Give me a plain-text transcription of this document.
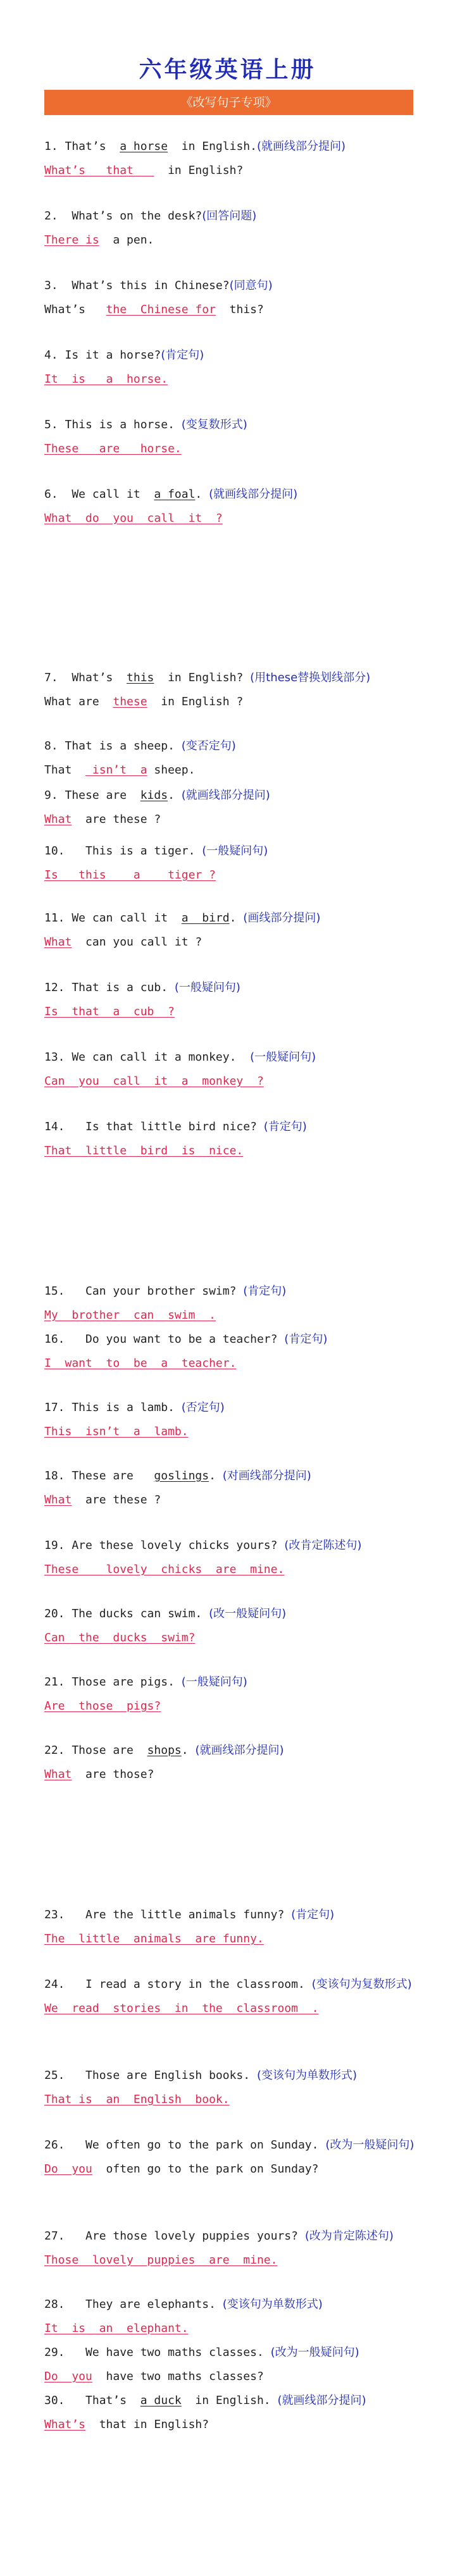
六年级英语上册
《改写句子专项》
1. That’s  a horse  in English.(就画线部分提问)
What’s   that     in English?
2.  What’s on the desk?(回答问题)
There is  a pen.
3.  What’s this in Chinese?(同意句)
What’s   the  Chinese for  this?
4. Is it a horse?(肯定句)
It  is   a  horse.
5. This is a horse. (变复数形式)
These   are   horse.
6.  We call it  a foal. (就画线部分提问)
What  do  you  call  it  ?
7.  What’s  this  in English? (用these替换划线部分)
What are  these  in English ?
8. That is a sheep. (变否定句)
That   isn’t  a sheep.
9. These are  kids. (就画线部分提问)
What  are these ?
10.   This is a tiger. (一般疑问句)
Is   this    a    tiger ?
11. We can call it  a  bird. (画线部分提问)
What  can you call it ?
12. That is a cub. (一般疑问句)
Is  that  a  cub  ?
13. We can call it a monkey.  (一般疑问句)
Can  you  call  it  a  monkey  ?
14.   Is that little bird nice? (肯定句)
That  little  bird  is  nice.
15.   Can your brother swim? (肯定句)
My  brother  can  swim  .
16.   Do you want to be a teacher? (肯定句)
I  want  to  be  a  teacher.
17. This is a lamb. (否定句)
This  isn’t  a  lamb.
18. These are   goslings. (对画线部分提问)
What  are these ?
19. Are these lovely chicks yours? (改肯定陈述句)
These    lovely  chicks  are  mine.
20. The ducks can swim. (改一般疑问句)
Can  the  ducks  swim?
21. Those are pigs. (一般疑问句)
Are  those  pigs?
22. Those are  shops. (就画线部分提问)
What  are those?
23.   Are the little animals funny? (肯定句)
The  little  animals  are funny.
24.   I read a story in the classroom. (变该句为复数形式)
We  read  stories  in  the  classroom  .
25.   Those are English books. (变该句为单数形式)
That is  an  English  book.
26.   We often go to the park on Sunday. (改为一般疑问句)
Do  you  often go to the park on Sunday?
27.   Are those lovely puppies yours? (改为肯定陈述句)
Those  lovely  puppies  are  mine.
28.   They are elephants. (变该句为单数形式)
It  is  an  elephant.
29.   We have two maths classes. (改为一般疑问句)
Do  you  have two maths classes?
30.   That’s  a duck  in English. (就画线部分提问)
What’s  that in English?
